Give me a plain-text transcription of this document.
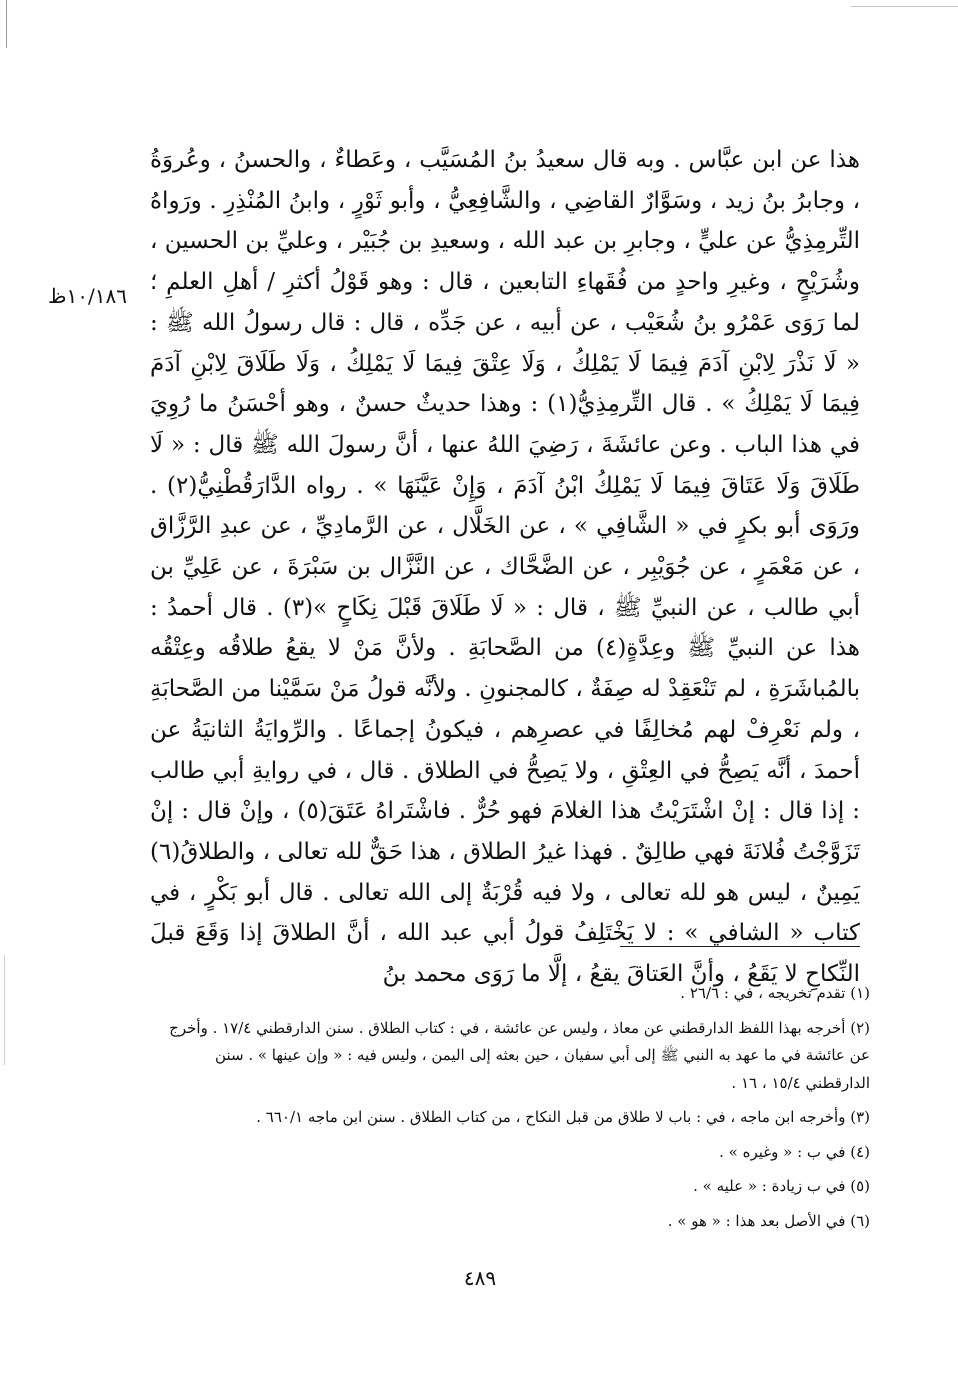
هذا عن ابن عبَّاس . وبه قال سعيدُ بنُ المُسَيَّب ، وعَطاءٌ ، والحسنُ ، وعُروَةُ ، وجابرُ بنُ زيد ، وسَوَّارٌ القاضِي ، والشَّافِعِيُّ ، وأبو ثَوْرٍ ، وابنُ المُنْذِرِ . ورَواهُ التِّرمِذِيُّ عن عليٍّ ، وجابرِ بن عبد الله ، وسعيدِ بن جُبَيْر ، وعليِّ بن الحسين ، وشُرَيْحٍ ، وغيرِ واحدٍ من فُقَهاءِ التابعين ، قال : وهو قَوْلُ أكثرِ / أهلِ العلمِ ؛ لما رَوَى عَمْرُو بنُ شُعَيْب ، عن أبيه ، عن جَدِّه ، قال : قال رسولُ الله ﷺ : « لَا نَذْرَ لِابْنِ آدَمَ فِيمَا لَا يَمْلِكُ ، وَلَا عِتْقَ فِيمَا لَا يَمْلِكُ ، وَلَا طَلَاقَ لِابْنِ آدَمَ فِيمَا لَا يَمْلِكُ » . قال التِّرمِذِيُّ(١) : وهذا حديثٌ حسنٌ ، وهو أحْسَنُ ما رُوِيَ في هذا الباب . وعن عائشَةَ ، رَضِيَ اللهُ عنها ، أنَّ رسولَ الله ﷺ قال : « لَا طَلَاقَ وَلَا عَتَاقَ فِيمَا لَا يَمْلِكُ ابْنُ آدَمَ ، وَإِنْ عَيَّنَهَا » . رواه الدَّارَقُطْنِيُّ(٢) . ورَوَى أبو بكرٍ في « الشَّافِي » ، عن الخَلَّال ، عن الرَّمادِيِّ ، عن عبدِ الرَّزَّاق ، عن مَعْمَرٍ ، عن جُوَيْبِر ، عن الضَّحَّاك ، عن النَّزَّال بن سَبْرَةَ ، عن عَلِيِّ بن أبي طالب ، عن النبيِّ ﷺ ، قال : « لَا طَلَاقَ قَبْلَ نِكَاحٍ »(٣) . قال أحمدُ : هذا عن النبيِّ ﷺ وعِدَّةٍ(٤) من الصَّحابَةِ . ولأنَّ مَنْ لا يقعُ طلاقُه وعِتْقُه بالمُباشَرَةِ ، لم تَنْعَقِدْ له صِفَةٌ ، كالمجنونِ . ولأنَّه قولُ مَنْ سَمَّيْنا من الصَّحابَةِ ، ولم نَعْرِفْ لهم مُخالِفًا في عصرِهم ، فيكونُ إجماعًا . والرِّوايَةُ الثانيَةُ عن أحمدَ ، أنَّه يَصِحُّ في العِتْقِ ، ولا يَصِحُّ في الطلاق . قال ، في روايةِ أبي طالب : إذا قال : إنْ اشْتَرَيْتُ هذا الغلامَ فهو حُرٌّ . فاشْتَراهُ عَتَقَ(٥) ، وإنْ قال : إنْ تَزَوَّجْتُ فُلانَةَ فهي طالِقٌ . فهذا غيرُ الطلاق ، هذا حَقٌّ لله تعالى ، والطلاقُ(٦) يَمِينٌ ، ليس هو لله تعالى ، ولا فيه قُرْبَةٌ إلى الله تعالى . قال أبو بَكْرٍ ، في كتاب « الشافي » : لا يَخْتَلِفُ قولُ أبي عبد الله ، أنَّ الطلاقَ إذا وَقَعَ قبلَ النِّكاحِ لا يَقَعُ ، وأنَّ العَتاقَ يقعُ ، إلَّا ما رَوَى محمد بنُ

١٠/١٨٦ظ

(١) تقدم تخريجه ، في : ٢٦/٦ .

(٢) أخرجه بهذا اللفظ الدارقطني عن معاذ ، وليس عن عائشة ، في : كتاب الطلاق . سنن الدارقطني ١٧/٤ . وأخرج عن عائشة في ما عهد به النبي ﷺ إلى أبي سفيان ، حين بعثه إلى اليمن ، وليس فيه : « وإن عينها » . سنن الدارقطني ١٥/٤ ، ١٦ .

(٣) وأخرجه ابن ماجه ، في : باب لا طلاق من قبل النكاح ، من كتاب الطلاق . سنن ابن ماجه ٦٦٠/١ .

(٤) في ب : « وغيره » .

(٥) في ب زيادة : « عليه » .

(٦) في الأصل بعد هذا : « هو » .

٤٨٩
